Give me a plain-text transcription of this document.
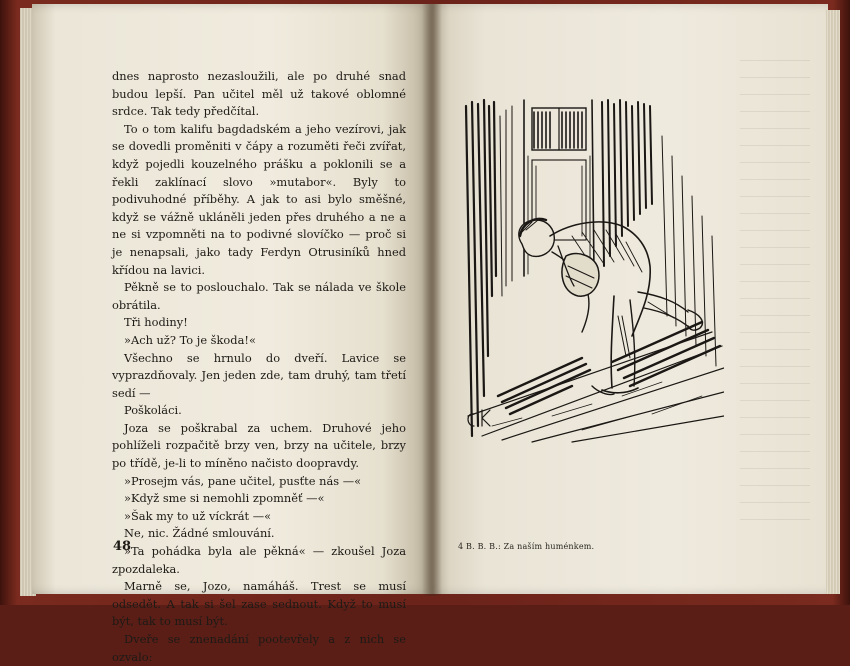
dnes naprosto nezasloužili, ale po druhé snad budou lepší. Pan učitel měl už takové oblomné srdce. Tak tedy předčítal.

To o tom kalifu bagdadském a jeho vezírovi, jak se dovedli proměniti v čápy a rozuměti řeči zvířat, když pojedli kouzelného prášku a poklonili se a řekli zaklínací slovo »mutabor«. Byly to podivuhodné příběhy. A jak to asi bylo směšné, když se vážně ukláněli jeden přes druhého a ne a ne si vzpomněti na to podivné slovíčko — proč si je nenapsali, jako tady Ferdyn Otrusiníků hned křídou na lavici.

Pěkně se to poslouchalo. Tak se nálada ve škole obrátila.

Tři hodiny!

»Ach už? To je škoda!«

Všechno se hrnulo do dveří. Lavice se vyprazdňovaly. Jen jeden zde, tam druhý, tam třetí sedí —

Poškoláci.

Joza se poškrabal za uchem. Druhové jeho pohlíželi rozpačitě brzy ven, brzy na učitele, brzy po třídě, je-li to míněno načisto doopravdy.

»Prosejm vás, pane učitel, pusťte nás —«

»Když sme si nemohli zpomněť —«

»Šak my to už víckrát —«

Ne, nic. Žádné smlouvání.

»Ta pohádka byla ale pěkná« — zkoušel Joza zpozdaleka.

Marně se, Jozo, namáháš. Trest se musí odsedět. A tak si šel zase sednout. Když to musí být, tak to musí být.

Dveře se znenadání pootevřely a z nich se ozvalo:

48	4 B. B. B.: Za naším huménkem.
